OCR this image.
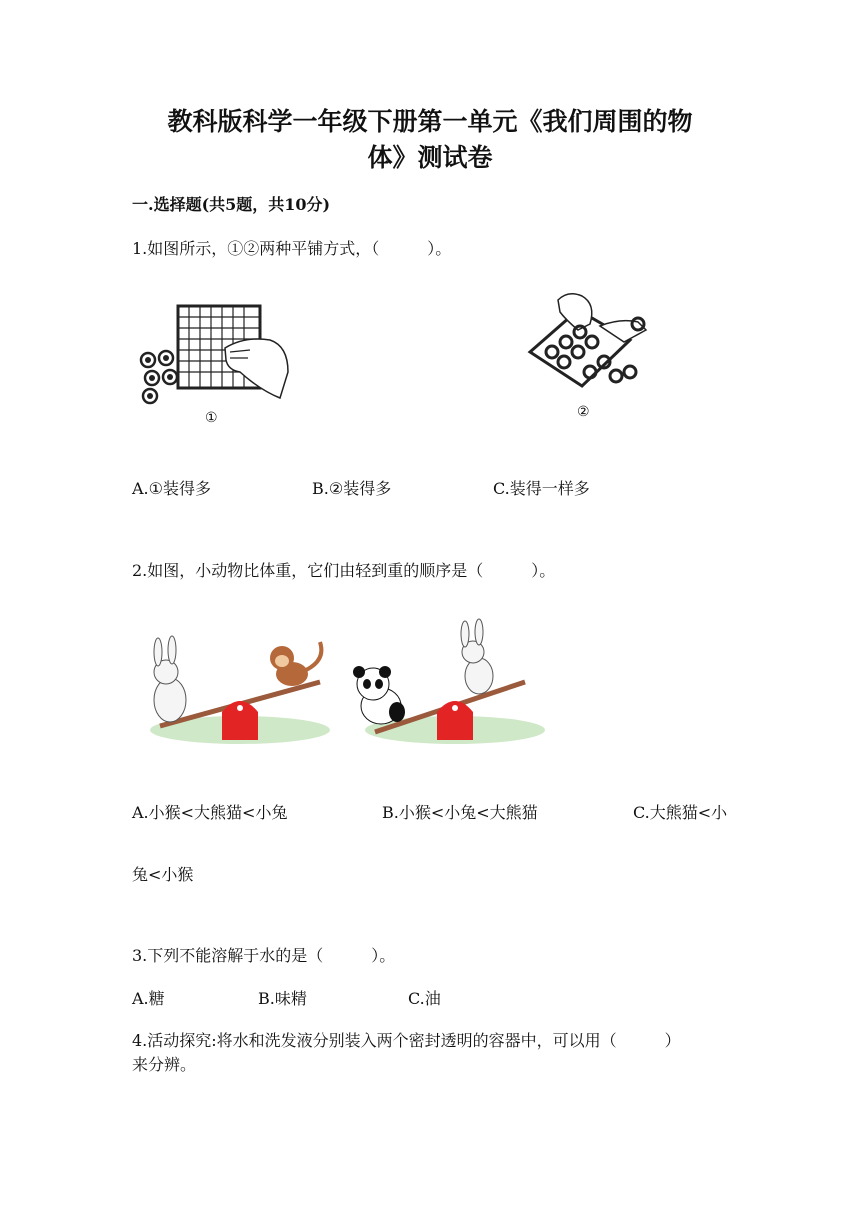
教科版科学一年级下册第一单元《我们周围的物
体》测试卷
一.选择题(共5题，共10分)
1.如图所示，①②两种平铺方式，（　　　）。
①	②
A.①装得多	B.②装得多	C.装得一样多
2.如图，小动物比体重，它们由轻到重的顺序是（　　　）。
A.小猴<大熊猫<小兔	B.小猴<小兔<大熊猫	C.大熊猫<小
兔<小猴
3.下列不能溶解于水的是（　　　）。
A.糖	B.味精	C.油
4.活动探究:将水和洗发液分别装入两个密封透明的容器中，可以用（　　　）
来分辨。
